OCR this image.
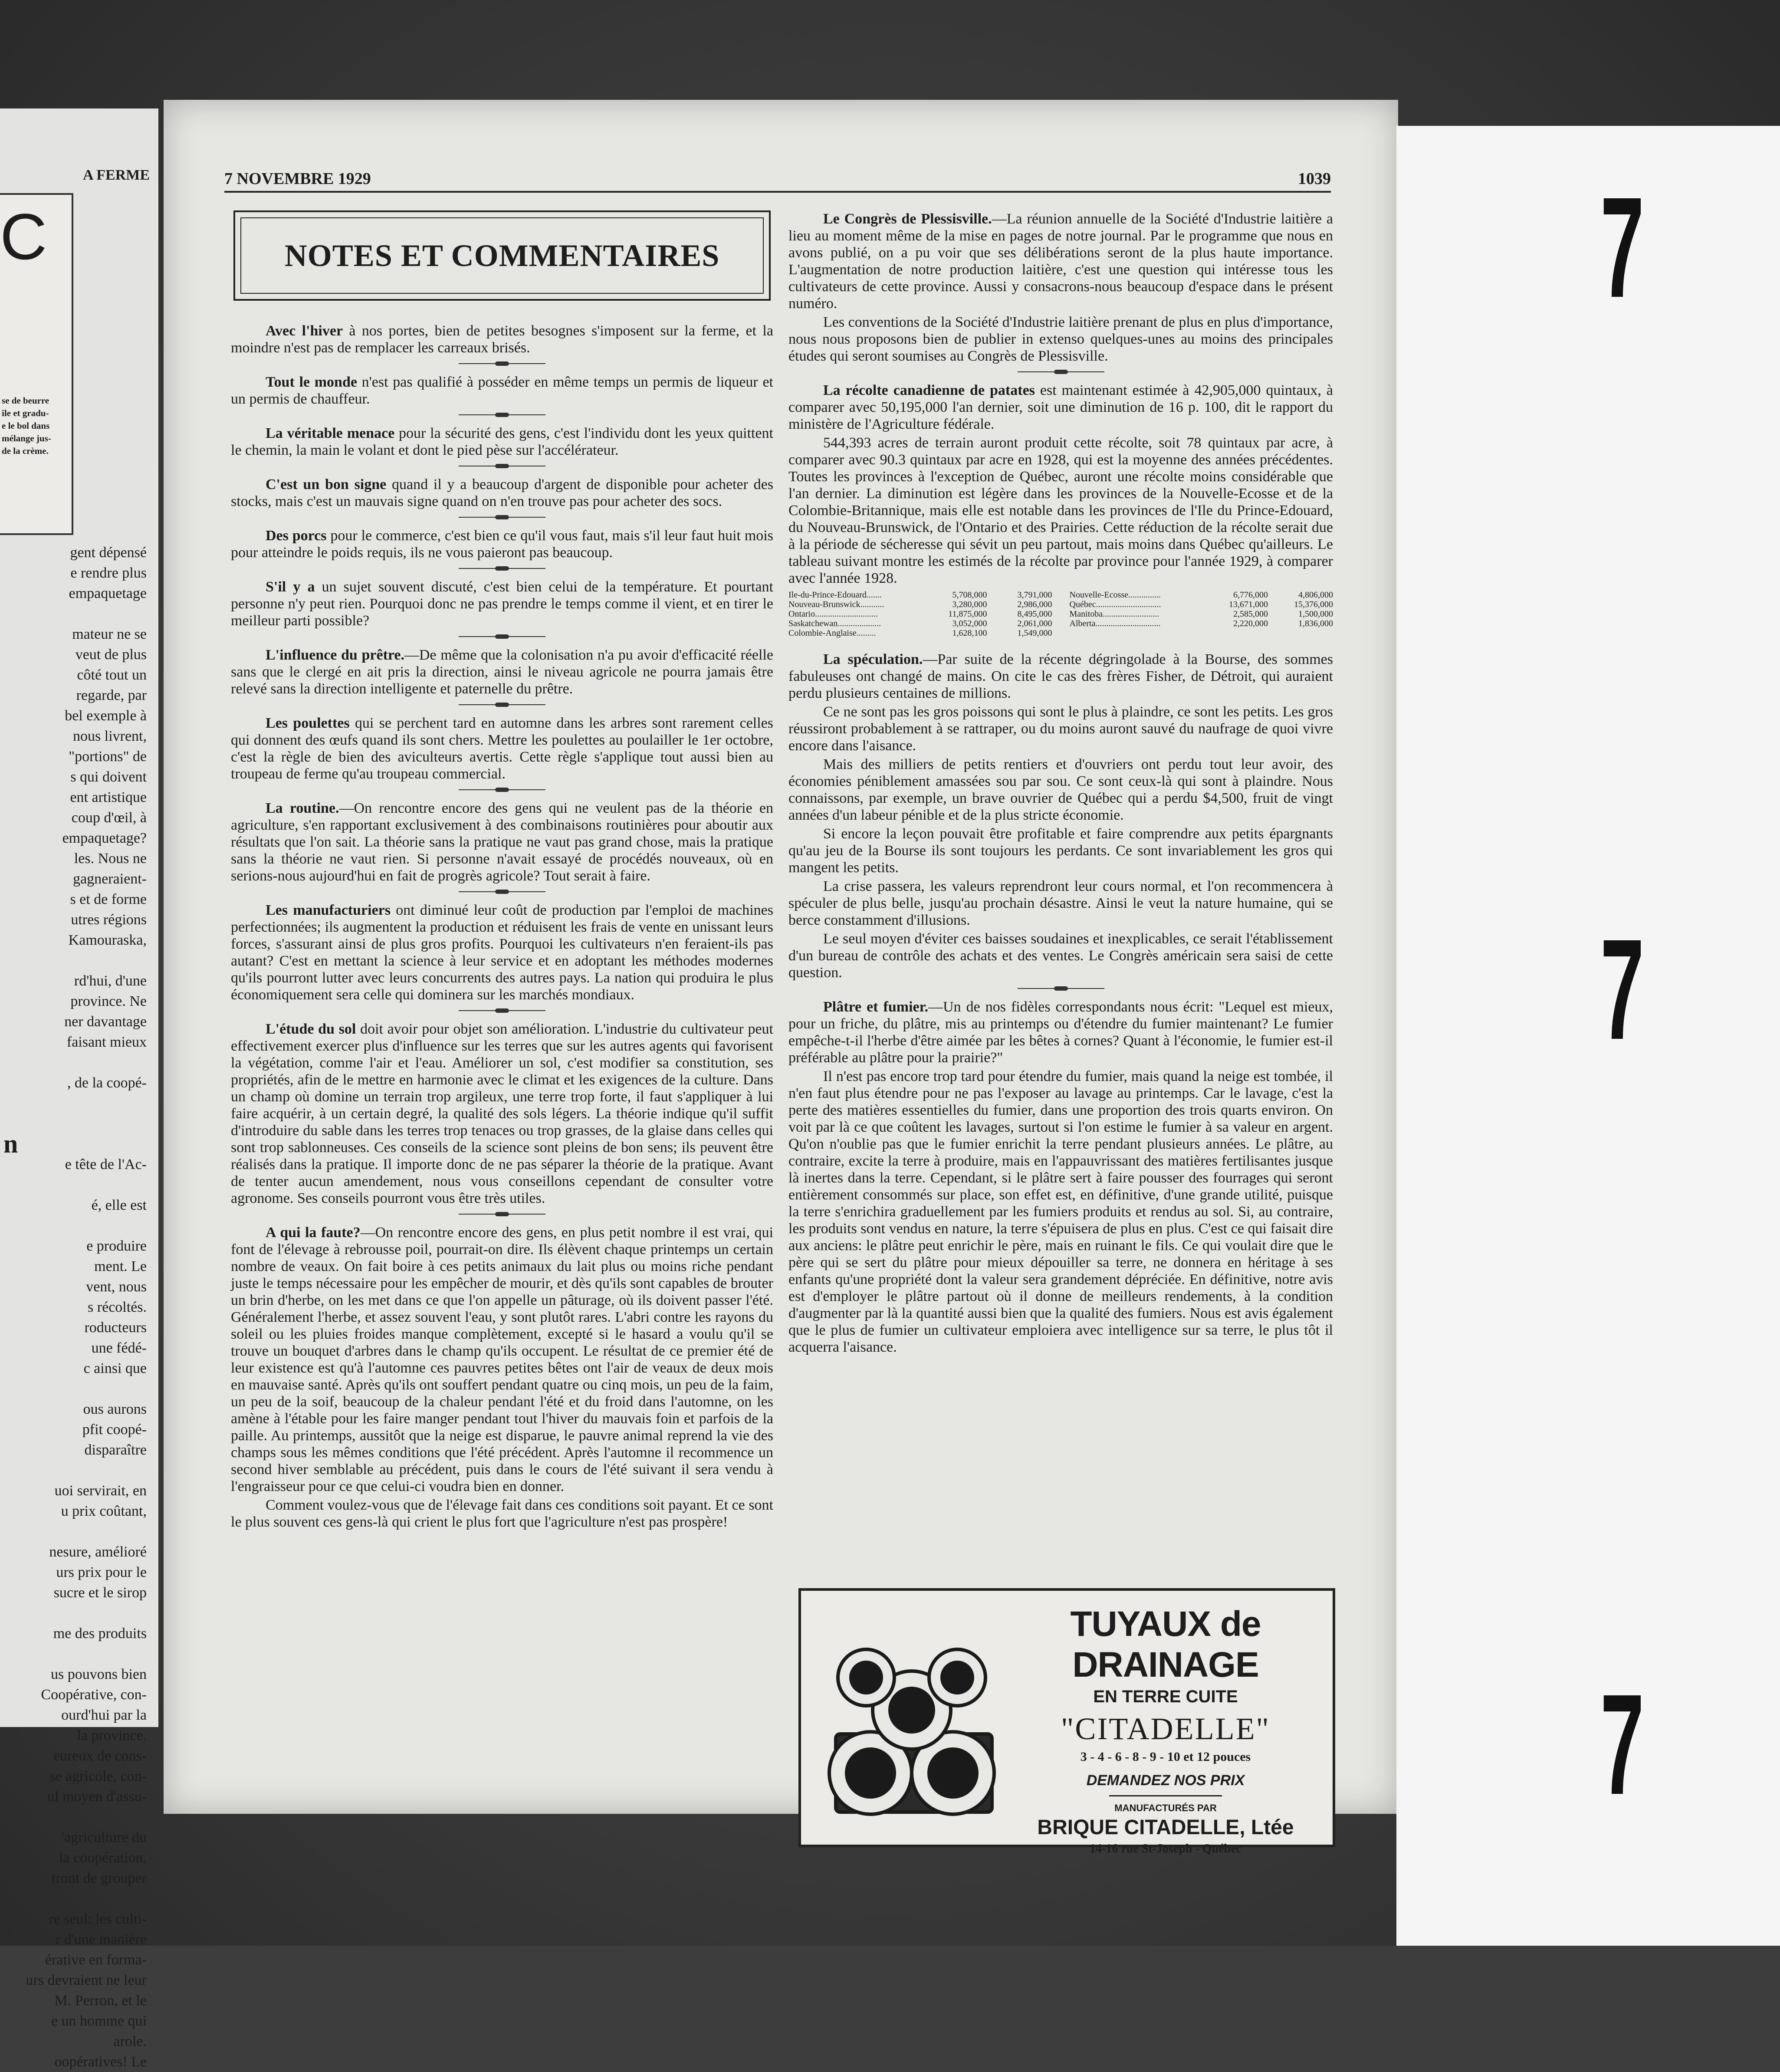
A FERME
C
se de beurre
ile et gradu-
e le bol dans
mélange jus-
de la crème.
gent dépensé
e rendre plus
empaquetage
mateur ne se
veut de plus
côté tout un
regarde, par
bel exemple à
nous livrent,
"portions" de
s qui doivent
ent artistique
coup d'œil, à
empaquetage?
les. Nous ne
gagneraient-
s et de forme
utres régions
Kamouraska,
rd'hui, d'une
province. Ne
ner davantage
faisant mieux
, de la coopé-
n
e tête de l'Ac-
é, elle est
e produire
ment. Le
vent, nous
s récoltés.
roducteurs
une fédé-
c ainsi que
ous aurons
pfit coopé-
disparaître
uoi servirait, en
u prix coûtant,
nesure, amélioré
urs prix pour le
sucre et le sirop
me des produits
us pouvons bien
Coopérative, con-
ourd'hui par la
la province.
eureux de cons-
se agricole, con-
ul moyen d'assu-
'agriculture du
la coopération,
tront de grouper
re seul: les culti-
r d'une manière
érative en forma-
urs devraient ne leur
M. Perron, et le
e un homme qui
arole.
oopératives! Le
7 NOVEMBRE 1929	1039
NOTES ET COMMENTAIRES

Avec l'hiver à nos portes, bien de petites besognes s'imposent sur la ferme, et la moindre n'est pas de remplacer les carreaux brisés.

Tout le monde n'est pas qualifié à posséder en même temps un permis de liqueur et un permis de chauffeur.

La véritable menace pour la sécurité des gens, c'est l'individu dont les yeux quittent le chemin, la main le volant et dont le pied pèse sur l'accélérateur.

C'est un bon signe quand il y a beaucoup d'argent de disponible pour acheter des stocks, mais c'est un mauvais signe quand on n'en trouve pas pour acheter des socs.

Des porcs pour le commerce, c'est bien ce qu'il vous faut, mais s'il leur faut huit mois pour atteindre le poids requis, ils ne vous paieront pas beaucoup.

S'il y a un sujet souvent discuté, c'est bien celui de la température. Et pourtant personne n'y peut rien. Pourquoi donc ne pas prendre le temps comme il vient, et en tirer le meilleur parti possible?

L'influence du prêtre.—De même que la colonisation n'a pu avoir d'efficacité réelle sans que le clergé en ait pris la direction, ainsi le niveau agricole ne pourra jamais être relevé sans la direction intelligente et paternelle du prêtre.

Les poulettes qui se perchent tard en automne dans les arbres sont rarement celles qui donnent des œufs quand ils sont chers. Mettre les poulettes au poulailler le 1er octobre, c'est la règle de bien des aviculteurs avertis. Cette règle s'applique tout aussi bien au troupeau de ferme qu'au troupeau commercial.

La routine.—On rencontre encore des gens qui ne veulent pas de la théorie en agriculture, s'en rapportant exclusivement à des combinaisons routinières pour aboutir aux résultats que l'on sait. La théorie sans la pratique ne vaut pas grand chose, mais la pratique sans la théorie ne vaut rien. Si personne n'avait essayé de procédés nouveaux, où en serions-nous aujourd'hui en fait de progrès agricole? Tout serait à faire.

Les manufacturiers ont diminué leur coût de production par l'emploi de machines perfectionnées; ils augmentent la production et réduisent les frais de vente en unissant leurs forces, s'assurant ainsi de plus gros profits. Pourquoi les cultivateurs n'en feraient-ils pas autant? C'est en mettant la science à leur service et en adoptant les méthodes modernes qu'ils pourront lutter avec leurs concurrents des autres pays. La nation qui produira le plus économiquement sera celle qui dominera sur les marchés mondiaux.

L'étude du sol doit avoir pour objet son amélioration. L'industrie du cultivateur peut effectivement exercer plus d'influence sur les terres que sur les autres agents qui favorisent la végétation, comme l'air et l'eau. Améliorer un sol, c'est modifier sa constitution, ses propriétés, afin de le mettre en harmonie avec le climat et les exigences de la culture. Dans un champ où domine un terrain trop argileux, une terre trop forte, il faut s'appliquer à lui faire acquérir, à un certain degré, la qualité des sols légers. La théorie indique qu'il suffit d'introduire du sable dans les terres trop tenaces ou trop grasses, de la glaise dans celles qui sont trop sablonneuses. Ces conseils de la science sont pleins de bon sens; ils peuvent être réalisés dans la pratique. Il importe donc de ne pas séparer la théorie de la pratique. Avant de tenter aucun amendement, nous vous conseillons cependant de consulter votre agronome. Ses conseils pourront vous être très utiles.

A qui la faute?—On rencontre encore des gens, en plus petit nombre il est vrai, qui font de l'élevage à rebrousse poil, pourrait-on dire. Ils élèvent chaque printemps un certain nombre de veaux. On fait boire à ces petits animaux du lait plus ou moins riche pendant juste le temps nécessaire pour les empêcher de mourir, et dès qu'ils sont capables de brouter un brin d'herbe, on les met dans ce que l'on appelle un pâturage, où ils doivent passer l'été. Généralement l'herbe, et assez souvent l'eau, y sont plutôt rares. L'abri contre les rayons du soleil ou les pluies froides manque complètement, excepté si le hasard a voulu qu'il se trouve un bouquet d'arbres dans le champ qu'ils occupent. Le résultat de ce premier été de leur existence est qu'à l'automne ces pauvres petites bêtes ont l'air de veaux de deux mois en mauvaise santé. Après qu'ils ont souffert pendant quatre ou cinq mois, un peu de la faim, un peu de la soif, beaucoup de la chaleur pendant l'été et du froid dans l'automne, on les amène à l'étable pour les faire manger pendant tout l'hiver du mauvais foin et parfois de la paille. Au printemps, aussitôt que la neige est disparue, le pauvre animal reprend la vie des champs sous les mêmes conditions que l'été précédent. Après l'automne il recommence un second hiver semblable au précédent, puis dans le cours de l'été suivant il sera vendu à l'engraisseur pour ce que celui-ci voudra bien en donner.

Comment voulez-vous que de l'élevage fait dans ces conditions soit payant. Et ce sont le plus souvent ces gens-là qui crient le plus fort que l'agriculture n'est pas prospère!

Le Congrès de Plessisville.—La réunion annuelle de la Société d'Industrie laitière a lieu au moment même de la mise en pages de notre journal. Par le programme que nous en avons publié, on a pu voir que ses délibérations seront de la plus haute importance. L'augmentation de notre production laitière, c'est une question qui intéresse tous les cultivateurs de cette province. Aussi y consacrons-nous beaucoup d'espace dans le présent numéro.

Les conventions de la Société d'Industrie laitière prenant de plus en plus d'importance, nous nous proposons bien de publier in extenso quelques-unes au moins des principales études qui seront soumises au Congrès de Plessisville.

La récolte canadienne de patates est maintenant estimée à 42,905,000 quintaux, à comparer avec 50,195,000 l'an dernier, soit une diminution de 16 p. 100, dit le rapport du ministère de l'Agriculture fédérale.

544,393 acres de terrain auront produit cette récolte, soit 78 quintaux par acre, à comparer avec 90.3 quintaux par acre en 1928, qui est la moyenne des années précédentes. Toutes les provinces à l'exception de Québec, auront une récolte moins considérable que l'an dernier. La diminution est légère dans les provinces de la Nouvelle-Ecosse et de la Colombie-Britannique, mais elle est notable dans les provinces de l'Ile du Prince-Edouard, du Nouveau-Brunswick, de l'Ontario et des Prairies. Cette réduction de la récolte serait due à la période de sécheresse qui sévit un peu partout, mais moins dans Québec qu'ailleurs. Le tableau suivant montre les estimés de la récolte par province pour l'année 1929, à comparer avec l'année 1928.

Ile-du-Prince-Edouard.......	5,708,000	3,791,000 Nouvelle-Ecosse...............	6,776,000	4,806,000
Nouveau-Brunswick...........	3,280,000	2,986,000 Québec..............................	13,671,000	15,376,000
Ontario.............................	11,875,000	8,495,000 Manitoba..........................	2,585,000	1,500,000
Saskatchewan....................	3,052,000	2,061,000 Alberta..............................	2,220,000	1,836,000
Colombie-Anglaise.........	1,628,100	1,549,000

La spéculation.—Par suite de la récente dégringolade à la Bourse, des sommes fabuleuses ont changé de mains. On cite le cas des frères Fisher, de Détroit, qui auraient perdu plusieurs centaines de millions.

Ce ne sont pas les gros poissons qui sont le plus à plaindre, ce sont les petits. Les gros réussiront probablement à se rattraper, ou du moins auront sauvé du naufrage de quoi vivre encore dans l'aisance.

Mais des milliers de petits rentiers et d'ouvriers ont perdu tout leur avoir, des économies péniblement amassées sou par sou. Ce sont ceux-là qui sont à plaindre. Nous connaissons, par exemple, un brave ouvrier de Québec qui a perdu $4,500, fruit de vingt années d'un labeur pénible et de la plus stricte économie.

Si encore la leçon pouvait être profitable et faire comprendre aux petits épargnants qu'au jeu de la Bourse ils sont toujours les perdants. Ce sont invariablement les gros qui mangent les petits.

La crise passera, les valeurs reprendront leur cours normal, et l'on recommencera à spéculer de plus belle, jusqu'au prochain désastre. Ainsi le veut la nature humaine, qui se berce constamment d'illusions.

Le seul moyen d'éviter ces baisses soudaines et inexplicables, ce serait l'établissement d'un bureau de contrôle des achats et des ventes. Le Congrès américain sera saisi de cette question.

Plâtre et fumier.—Un de nos fidèles correspondants nous écrit: "Lequel est mieux, pour un friche, du plâtre, mis au printemps ou d'étendre du fumier maintenant? Le fumier empêche-t-il l'herbe d'être aimée par les bêtes à cornes? Quant à l'économie, le fumier est-il préférable au plâtre pour la prairie?"

Il n'est pas encore trop tard pour étendre du fumier, mais quand la neige est tombée, il n'en faut plus étendre pour ne pas l'exposer au lavage au printemps. Car le lavage, c'est la perte des matières essentielles du fumier, dans une proportion des trois quarts environ. On voit par là ce que coûtent les lavages, surtout si l'on estime le fumier à sa valeur en argent. Qu'on n'oublie pas que le fumier enrichit la terre pendant plusieurs années. Le plâtre, au contraire, excite la terre à produire, mais en l'appauvrissant des matières fertilisantes jusque là inertes dans la terre. Cependant, si le plâtre sert à faire pousser des fourrages qui seront entièrement consommés sur place, son effet est, en définitive, d'une grande utilité, puisque la terre s'enrichira graduellement par les fumiers produits et rendus au sol. Si, au contraire, les produits sont vendus en nature, la terre s'épuisera de plus en plus. C'est ce qui faisait dire aux anciens: le plâtre peut enrichir le père, mais en ruinant le fils. Ce qui voulait dire que le père qui se sert du plâtre pour mieux dépouiller sa terre, ne donnera en héritage à ses enfants qu'une propriété dont la valeur sera grandement dépréciée. En définitive, notre avis est d'employer le plâtre partout où il donne de meilleurs rendements, à la condition d'augmenter par là la quantité aussi bien que la qualité des fumiers. Nous est avis également que le plus de fumier un cultivateur emploiera avec intelligence sur sa terre, le plus tôt il acquerra l'aisance.

TUYAUX de DRAINAGE
EN TERRE CUITE
"CITADELLE"
3 - 4 - 6 - 8 - 9 - 10 et 12 pouces
DEMANDEZ NOS PRIX
MANUFACTURÉS PAR
BRIQUE CITADELLE, Ltée
14-16 rue St-Joseph - Québec
7
7
7
